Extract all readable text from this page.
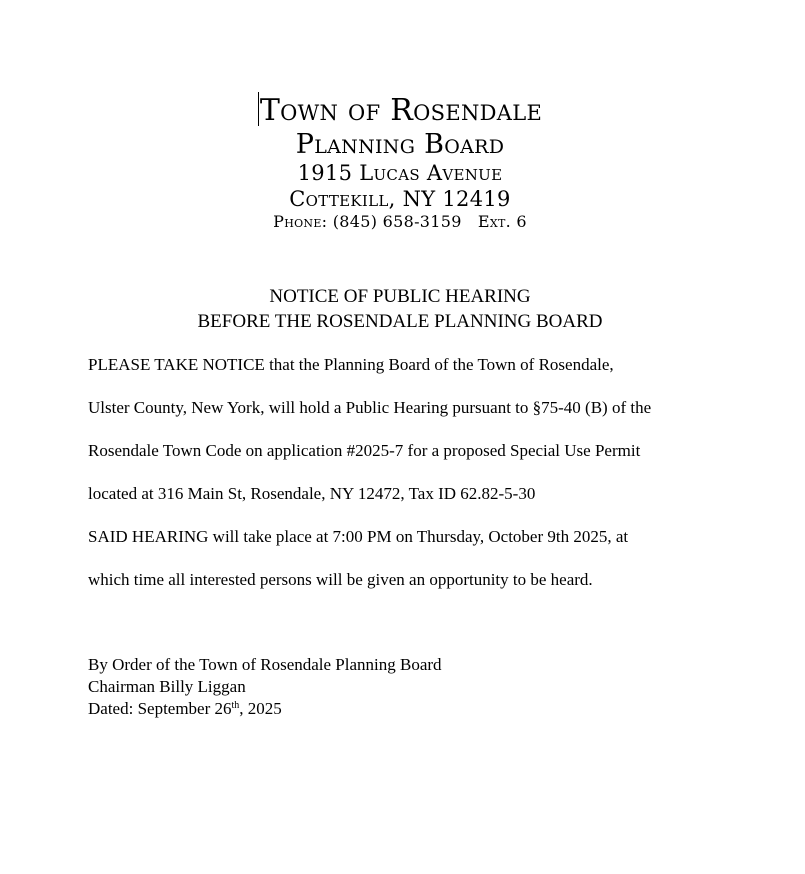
Town of Rosendale
Planning Board
1915 Lucas Avenue
Cottekill, NY 12419
Phone: (845) 658-3159   Ext. 6
NOTICE OF PUBLIC HEARING
BEFORE THE ROSENDALE PLANNING BOARD
PLEASE TAKE NOTICE that the Planning Board of the Town of Rosendale,
Ulster County, New York, will hold a Public Hearing pursuant to §75-40 (B) of the
Rosendale Town Code on application #2025-7 for a proposed Special Use Permit
located at 316 Main St, Rosendale, NY 12472, Tax ID 62.82-5-30
SAID HEARING will take place at 7:00 PM on Thursday, October 9th 2025, at
which time all interested persons will be given an opportunity to be heard.
By Order of the Town of Rosendale Planning Board
Chairman Billy Liggan
Dated: September 26th, 2025
